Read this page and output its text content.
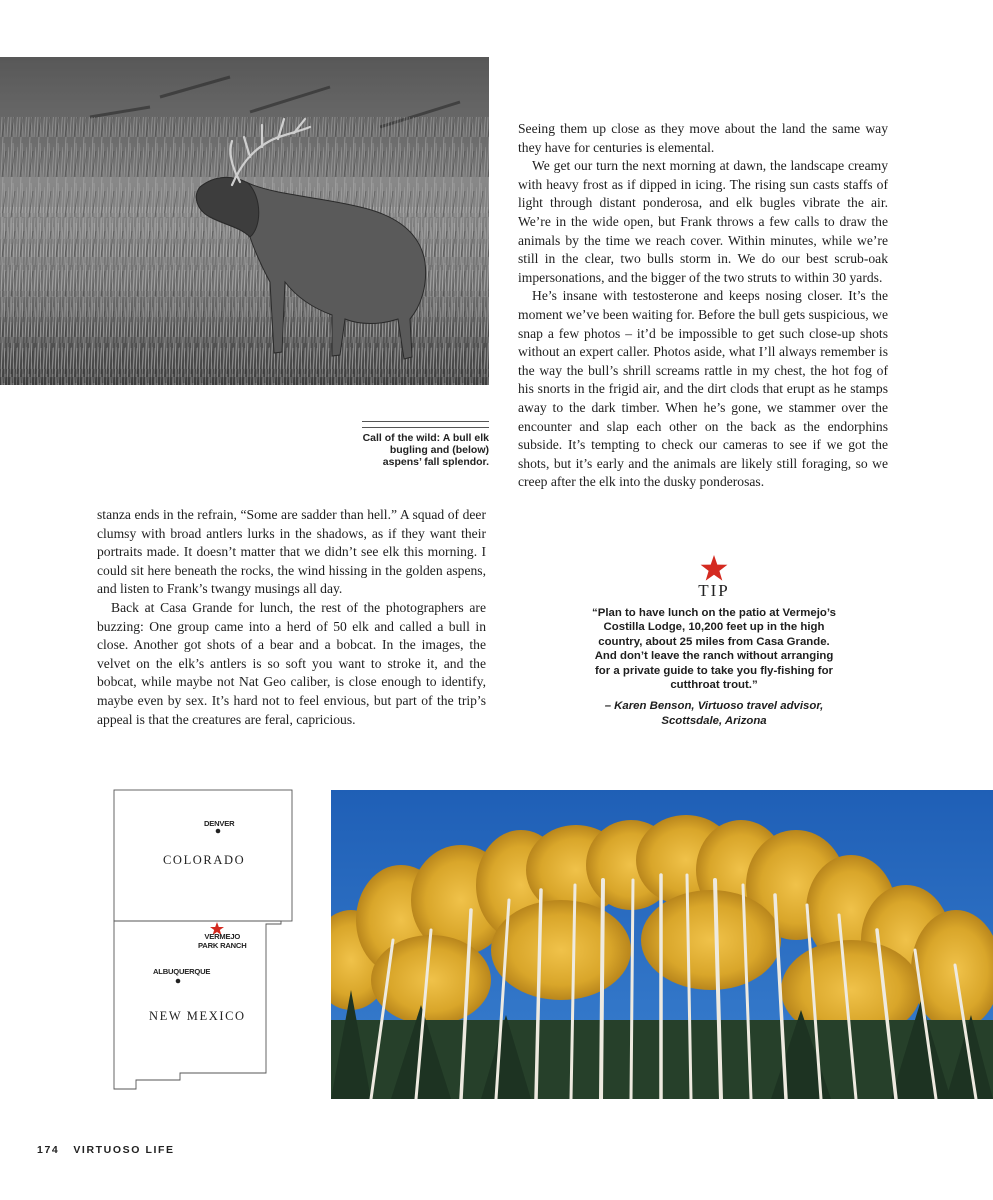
Call of the wild: A bull elk bugling and (below) aspens’ fall splendor.

Seeing them up close as they move about the land the same way they have for centuries is elemental.

We get our turn the next morning at dawn, the landscape creamy with heavy frost as if dipped in icing. The rising sun casts staffs of light through distant ponderosa, and elk bugles vibrate the air. We’re in the wide open, but Frank throws a few calls to draw the animals by the time we reach cover. Within minutes, while we’re still in the clear, two bulls storm in. We do our best scrub-oak impersonations, and the bigger of the two struts to within 30 yards.

He’s insane with testosterone and keeps nosing closer. It’s the moment we’ve been waiting for. Before the bull gets suspicious, we snap a few photos – it’d be impossible to get such close-up shots without an expert caller. Photos aside, what I’ll always remember is the way the bull’s shrill screams rattle in my chest, the hot fog of his snorts in the frigid air, and the dirt clods that erupt as he stamps away to the dark timber. When he’s gone, we stammer over the encounter and slap each other on the back as the endorphins subside. It’s tempting to check our cameras to see if we got the shots, but it’s early and the animals are likely still foraging, so we creep after the elk into the dusky ponderosas.

stanza ends in the refrain, “Some are sadder than hell.” A squad of deer clumsy with broad antlers lurks in the shadows, as if they want their portraits made. It doesn’t matter that we didn’t see elk this morning. I could sit here beneath the rocks, the wind hissing in the golden aspens, and listen to Frank’s twangy musings all day.

Back at Casa Grande for lunch, the rest of the photographers are buzzing: One group came into a herd of 50 elk and called a bull in close. Another got shots of a bear and a bobcat. In the images, the velvet on the elk’s antlers is so soft you want to stroke it, and the bobcat, while maybe not Nat Geo caliber, is close enough to identify, maybe even by sex. It’s hard not to feel envious, but part of the trip’s appeal is that the creatures are feral, capricious.

TIP

“Plan to have lunch on the patio at Vermejo’s Costilla Lodge, 10,200 feet up in the high country, about 25 miles from Casa Grande. And don’t leave the ranch without arranging for a private guide to take you fly-fishing for cutthroat trout.”

– Karen Benson, Virtuoso travel advisor,
Scottsdale, Arizona

DENVER
COLORADO
VERMEJO
PARK RANCH
ALBUQUERQUE
NEW MEXICO
174 VIRTUOSO LIFE
